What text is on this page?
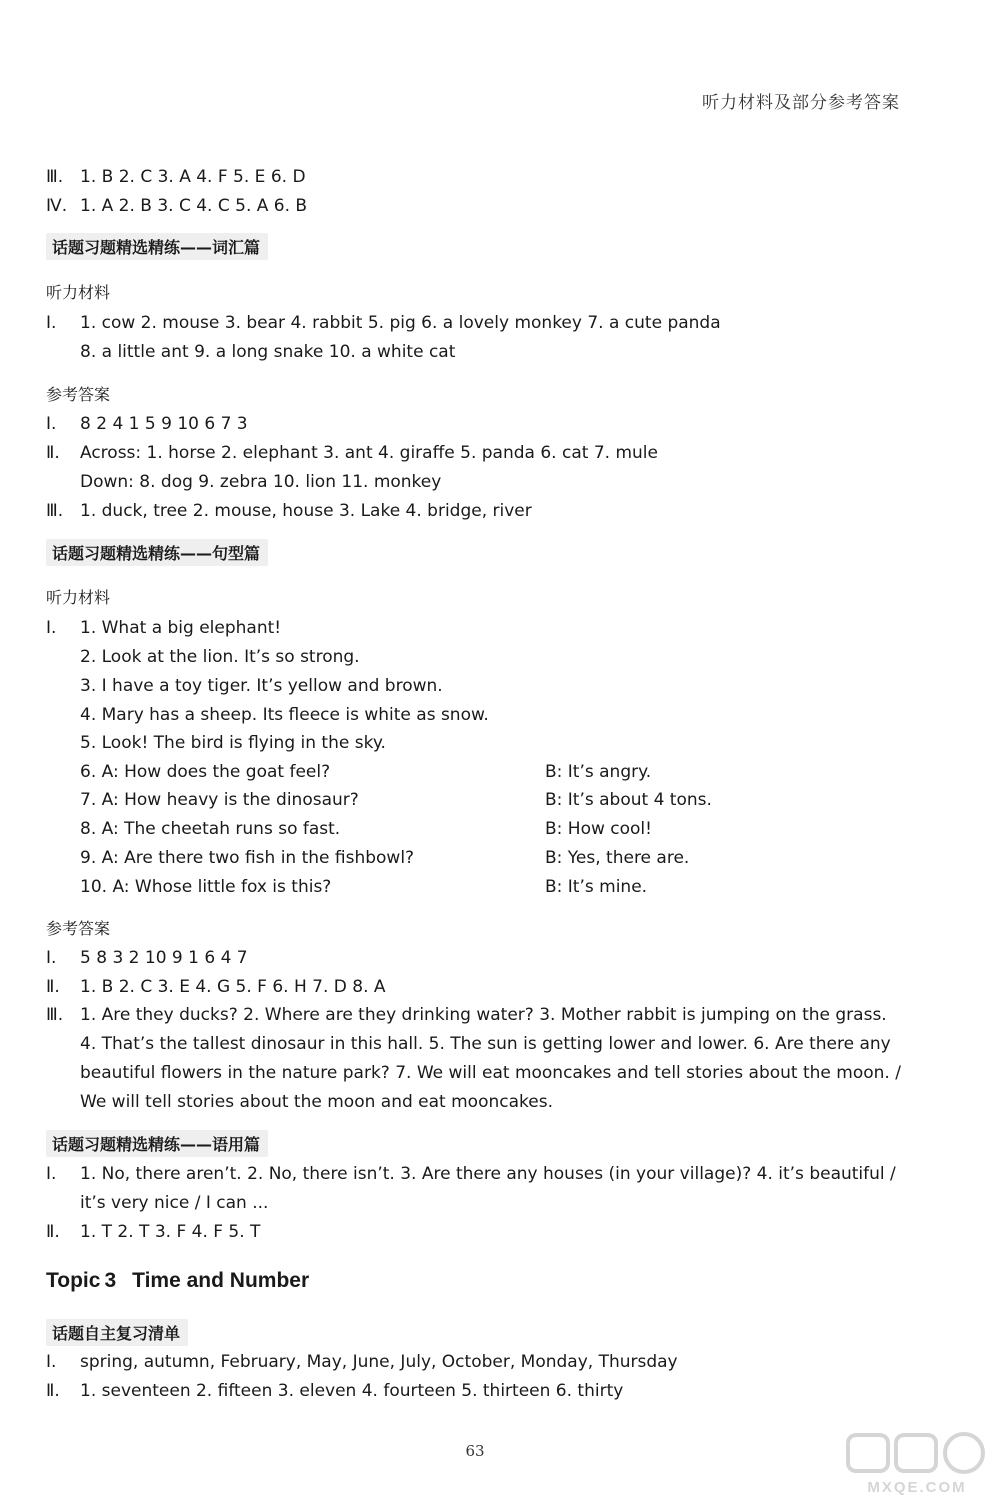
听力材料及部分参考答案
Ⅲ. 1. B 2. C 3. A 4. F 5. E 6. D
Ⅳ. 1. A 2. B 3. C 4. C 5. A 6. B
话题习题精选精练——词汇篇
听力材料
Ⅰ. 1. cow 2. mouse 3. bear 4. rabbit 5. pig 6. a lovely monkey 7. a cute panda
8. a little ant 9. a long snake 10. a white cat
参考答案
Ⅰ. 8 2 4 1 5 9 10 6 7 3
Ⅱ. Across: 1. horse 2. elephant 3. ant 4. giraffe 5. panda 6. cat 7. mule
Down: 8. dog 9. zebra 10. lion 11. monkey
Ⅲ. 1. duck, tree 2. mouse, house 3. Lake 4. bridge, river
话题习题精选精练——句型篇
听力材料
Ⅰ. 1. What a big elephant!
2. Look at the lion. It’s so strong.
3. I have a toy tiger. It’s yellow and brown.
4. Mary has a sheep. Its fleece is white as snow.
5. Look! The bird is flying in the sky.
6. A: How does the goat feel?	B: It’s angry.
7. A: How heavy is the dinosaur?	B: It’s about 4 tons.
8. A: The cheetah runs so fast.	B: How cool!
9. A: Are there two fish in the fishbowl?	B: Yes, there are.
10. A: Whose little fox is this?	B: It’s mine.
参考答案
Ⅰ. 5 8 3 2 10 9 1 6 4 7
Ⅱ. 1. B 2. C 3. E 4. G 5. F 6. H 7. D 8. A
Ⅲ. 1. Are they ducks? 2. Where are they drinking water? 3. Mother rabbit is jumping on the grass.
4. That’s the tallest dinosaur in this hall. 5. The sun is getting lower and lower. 6. Are there any
beautiful flowers in the nature park? 7. We will eat mooncakes and tell stories about the moon. /
We will tell stories about the moon and eat mooncakes.
话题习题精选精练——语用篇
Ⅰ. 1. No, there aren’t. 2. No, there isn’t. 3. Are there any houses (in your village)? 4. it’s beautiful /
it’s very nice / I can ...
Ⅱ. 1. T 2. T 3. F 4. F 5. T
Topic 3 Time and Number
话题自主复习清单
Ⅰ. spring, autumn, February, May, June, July, October, Monday, Thursday
Ⅱ. 1. seventeen 2. fifteen 3. eleven 4. fourteen 5. thirteen 6. thirty
63
MXQE.COM
